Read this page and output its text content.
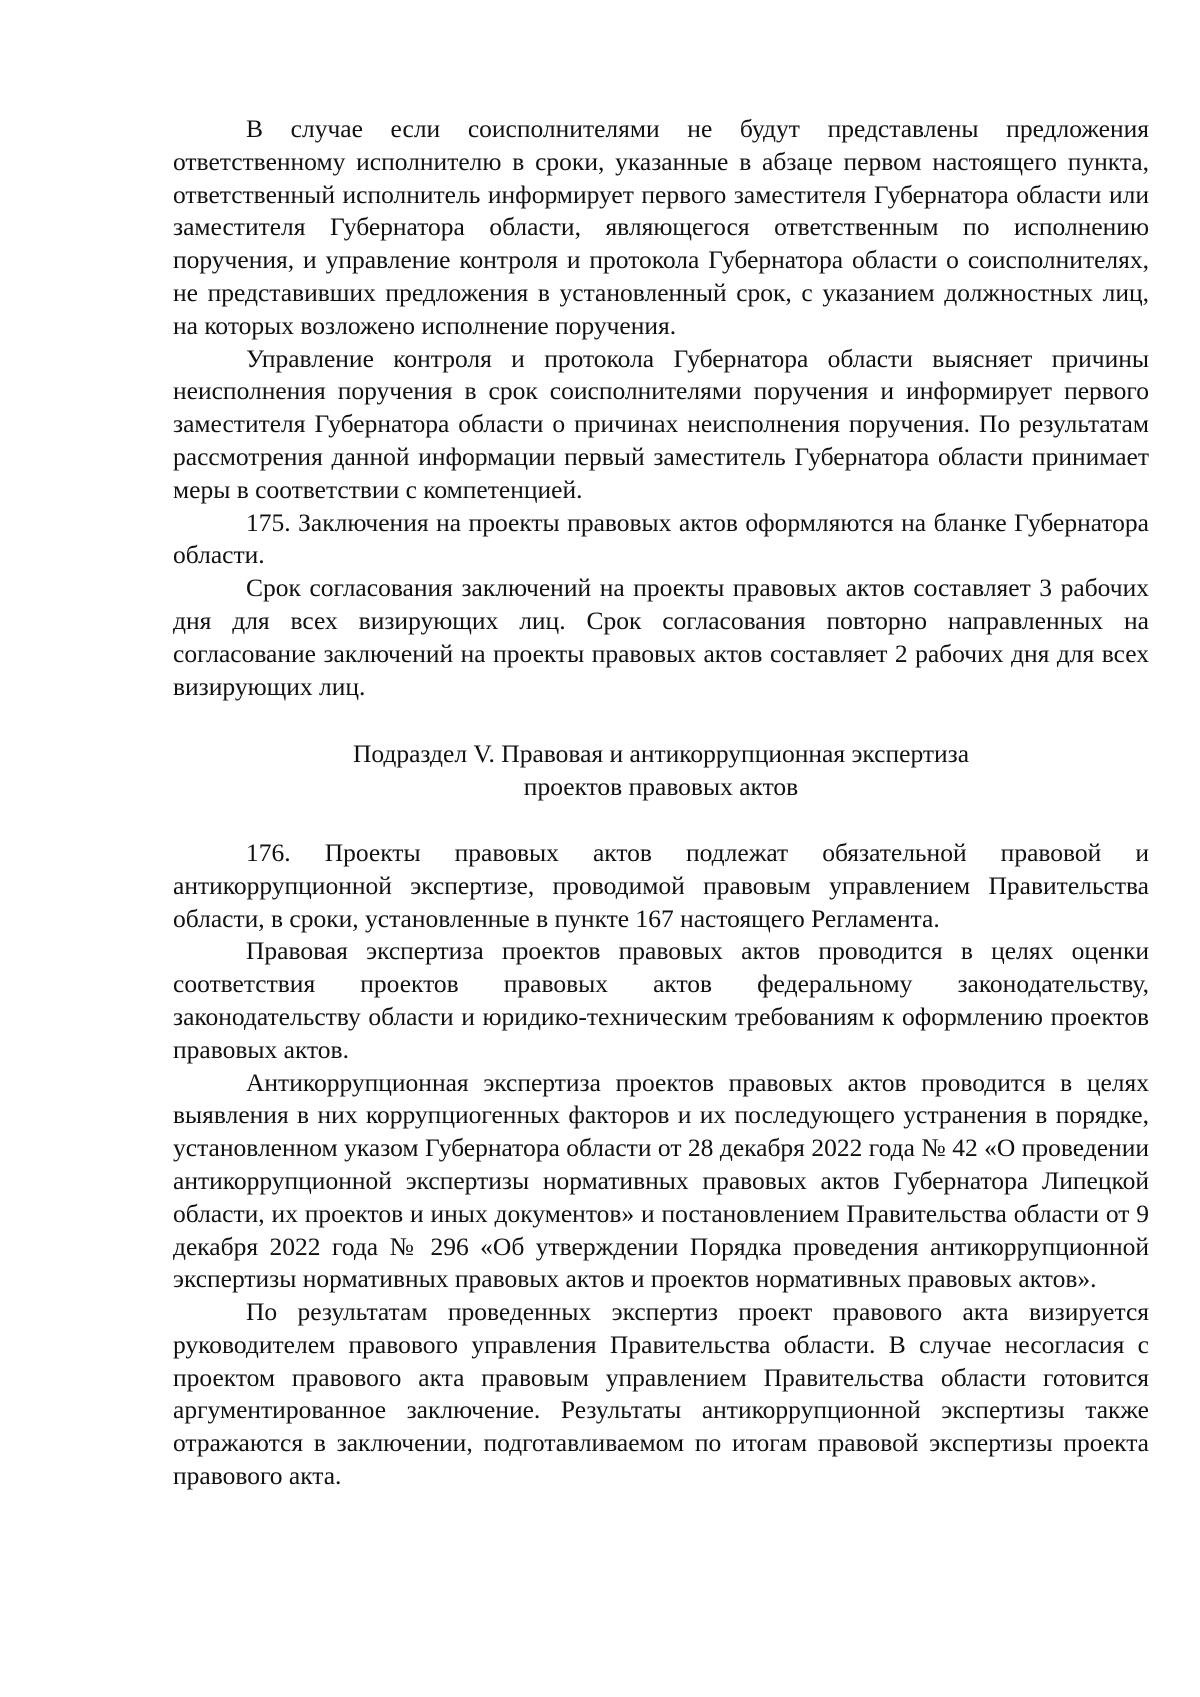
В случае если соисполнителями не будут представлены предложения ответственному исполнителю в сроки, указанные в абзаце первом настоящего пункта, ответственный исполнитель информирует первого заместителя Губернатора области или заместителя Губернатора области, являющегося ответственным по исполнению поручения, и управление контроля и протокола Губернатора области о соисполнителях, не представивших предложения в установленный срок, с указанием должностных лиц, на которых возложено исполнение поручения.

Управление контроля и протокола Губернатора области выясняет причины неисполнения поручения в срок соисполнителями поручения и информирует первого заместителя Губернатора области о причинах неисполнения поручения. По результатам рассмотрения данной информации первый заместитель Губернатора области принимает меры в соответствии с компетенцией.

175. Заключения на проекты правовых актов оформляются на бланке Губернатора области.

Срок согласования заключений на проекты правовых актов составляет 3 рабочих дня для всех визирующих лиц. Срок согласования повторно направленных на согласование заключений на проекты правовых актов составляет 2 рабочих дня для всех визирующих лиц.

Подраздел V. Правовая и антикоррупционная экспертиза
проектов правовых актов

176. Проекты правовых актов подлежат обязательной правовой и антикоррупционной экспертизе, проводимой правовым управлением Правительства области, в сроки, установленные в пункте 167 настоящего Регламента.

Правовая экспертиза проектов правовых актов проводится в целях оценки соответствия проектов правовых актов федеральному законодательству, законодательству области и юридико-техническим требованиям к оформлению проектов правовых актов.

Антикоррупционная экспертиза проектов правовых актов проводится в целях выявления в них коррупциогенных факторов и их последующего устранения в порядке, установленном указом Губернатора области от 28 декабря 2022 года № 42 «О проведении антикоррупционной экспертизы нормативных правовых актов Губернатора Липецкой области, их проектов и иных документов» и постановлением Правительства области от 9 декабря 2022 года № 296 «Об утверждении Порядка проведения антикоррупционной экспертизы нормативных правовых актов и проектов нормативных правовых актов».

По результатам проведенных экспертиз проект правового акта визируется руководителем правового управления Правительства области. В случае несогласия с проектом правового акта правовым управлением Правительства области готовится аргументированное заключение. Результаты антикоррупционной экспертизы также отражаются в заключении, подготавливаемом по итогам правовой экспертизы проекта правового акта.
